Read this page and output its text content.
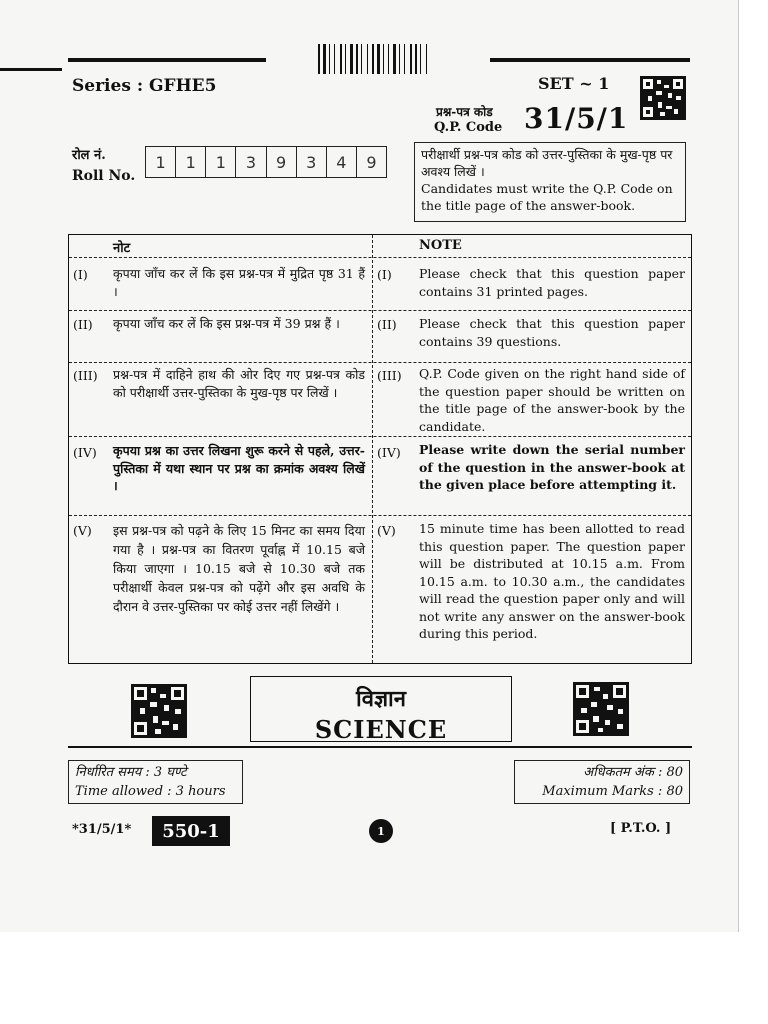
Series : GFHE5	SET ~ 1
प्रश्न-पत्र कोड
Q.P. Code 31/5/1
रोल नं.
Roll No.
1	1	1	3	9	3	4	9	परीक्षार्थी प्रश्न-पत्र कोड को उत्तर-पुस्तिका के मुख-पृष्ठ पर अवश्य लिखें ।
Candidates must write the Q.P. Code on the title page of the answer-book.
नोट	NOTE
(I) कृपया जाँच कर लें कि इस प्रश्न-पत्र में मुद्रित पृष्ठ 31 हैं ।
(I) Please check that this question paper contains 31 printed pages.
(II) कृपया जाँच कर लें कि इस प्रश्न-पत्र में 39 प्रश्न हैं ।	(II) Please check that this question paper contains 39 questions.
(III) प्रश्न-पत्र में दाहिने हाथ की ओर दिए गए प्रश्न-पत्र कोड को परीक्षार्थी उत्तर-पुस्तिका के मुख-पृष्ठ पर लिखें ।
(III) Q.P. Code given on the right hand side of the question paper should be written on the title page of the answer-book by the candidate.
(IV) कृपया प्रश्न का उत्तर लिखना शुरू करने से पहले, उत्तर-पुस्तिका में यथा स्थान पर प्रश्न का क्रमांक अवश्य लिखें ।
(IV) Please write down the serial number of the question in the answer-book at the given place before attempting it.
(V) इस प्रश्न-पत्र को पढ़ने के लिए 15 मिनट का समय दिया गया है । प्रश्न-पत्र का वितरण पूर्वाह्न में 10.15 बजे किया जाएगा । 10.15 बजे से 10.30 बजे तक परीक्षार्थी केवल प्रश्न-पत्र को पढ़ेंगे और इस अवधि के दौरान वे उत्तर-पुस्तिका पर कोई उत्तर नहीं लिखेंगे ।
(V) 15 minute time has been allotted to read this question paper. The question paper will be distributed at 10.15 a.m. From 10.15 a.m. to 10.30 a.m., the candidates will read the question paper only and will not write any answer on the answer-book during this period.
विज्ञान
SCIENCE
निर्धारित समय : 3 घण्टे
Time allowed : 3 hours
अधिकतम अंक : 80
Maximum Marks : 80
*31/5/1*	550-1	1	[ P.T.O. ]
